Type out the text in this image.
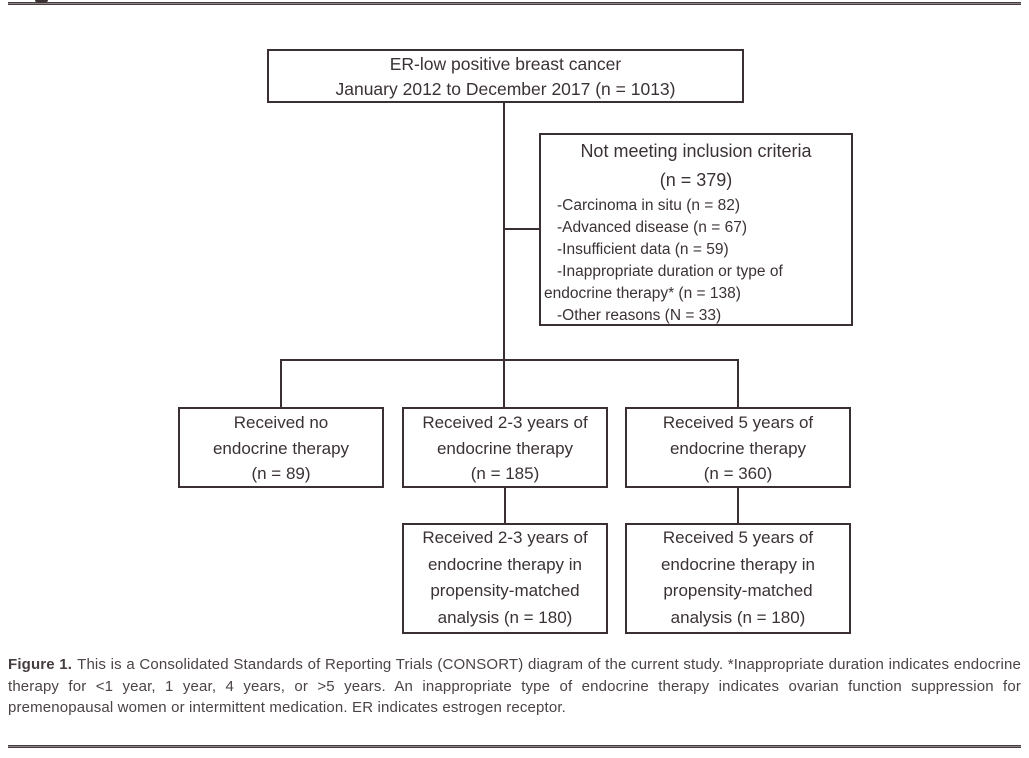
ER-low positive breast cancer
January 2012 to December 2017 (n = 1013)
Not meeting inclusion criteria
(n = 379)
-Carcinoma in situ (n = 82)
-Advanced disease (n = 67)
-Insufficient data (n = 59)
-Inappropriate duration or type of endocrine therapy* (n = 138)
-Other reasons (N = 33)
Received no
endocrine therapy
(n = 89)
Received 2-3 years of
endocrine therapy
(n = 185)
Received 5 years of
endocrine therapy
(n = 360)
Received 2-3 years of
endocrine therapy in
propensity-matched
analysis (n = 180)
Received 5 years of
endocrine therapy in
propensity-matched
analysis (n = 180)

Figure 1. This is a Consolidated Standards of Reporting Trials (CONSORT) diagram of the current study. *Inappropriate duration indicates endocrine therapy for <1 year, 1 year, 4 years, or >5 years. An inappropriate type of endocrine therapy indicates ovarian function suppression for premenopausal women or intermittent medication. ER indicates estrogen receptor.
